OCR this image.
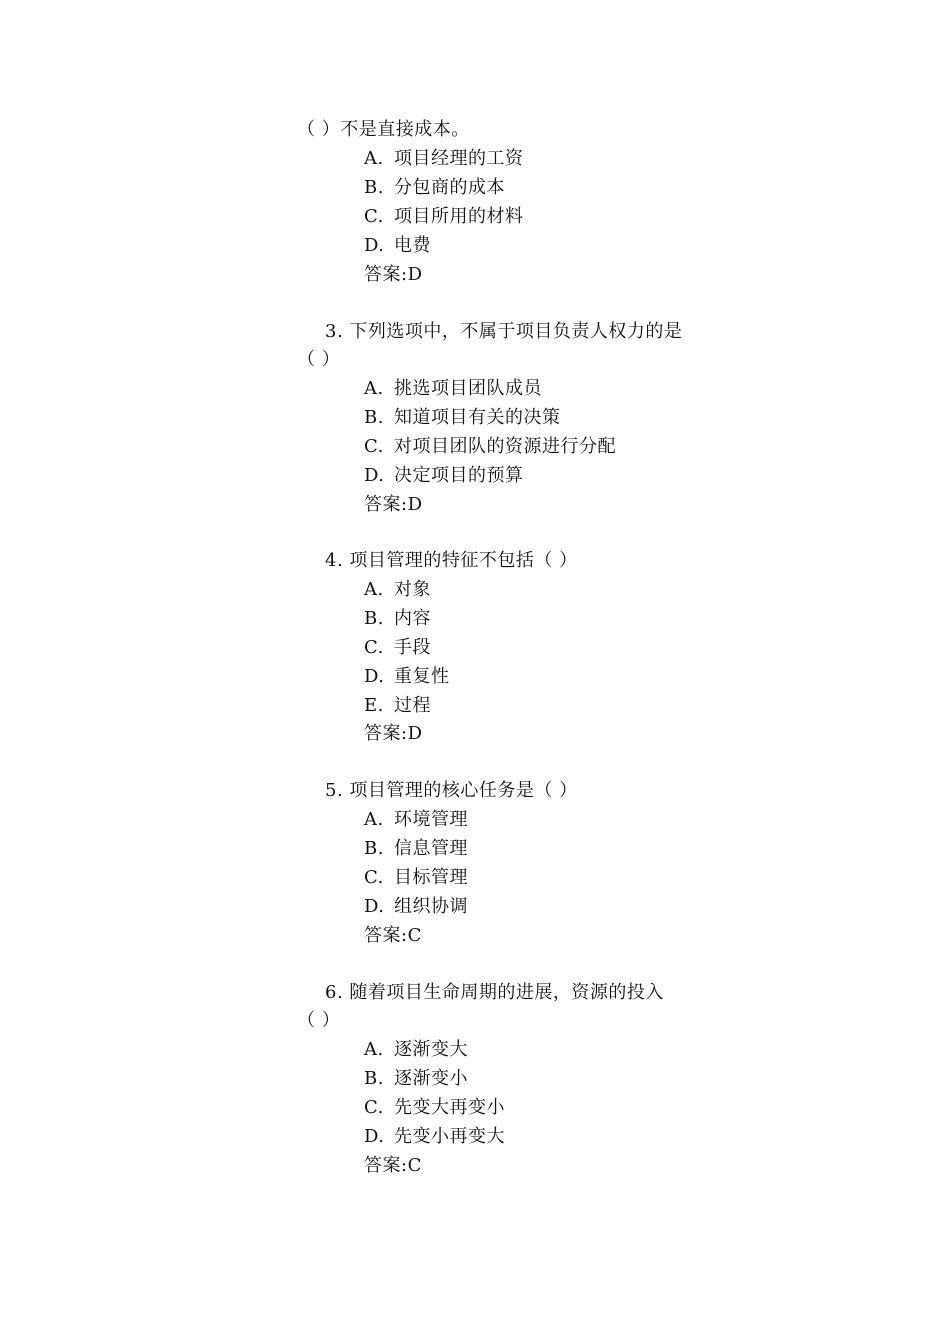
（ ）不是直接成本。
A. 项目经理的工资
B. 分包商的成本
C. 项目所用的材料
D. 电费
答案:D
3. 下列选项中，不属于项目负责人权力的是
（ ）
A. 挑选项目团队成员
B. 知道项目有关的决策
C. 对项目团队的资源进行分配
D. 决定项目的预算
答案:D
4. 项目管理的特征不包括（ ）
A. 对象
B. 内容
C. 手段
D. 重复性
E. 过程
答案:D
5. 项目管理的核心任务是（ ）
A. 环境管理
B. 信息管理
C. 目标管理
D. 组织协调
答案:C
6. 随着项目生命周期的进展，资源的投入
（ ）
A. 逐渐变大
B. 逐渐变小
C. 先变大再变小
D. 先变小再变大
答案:C
